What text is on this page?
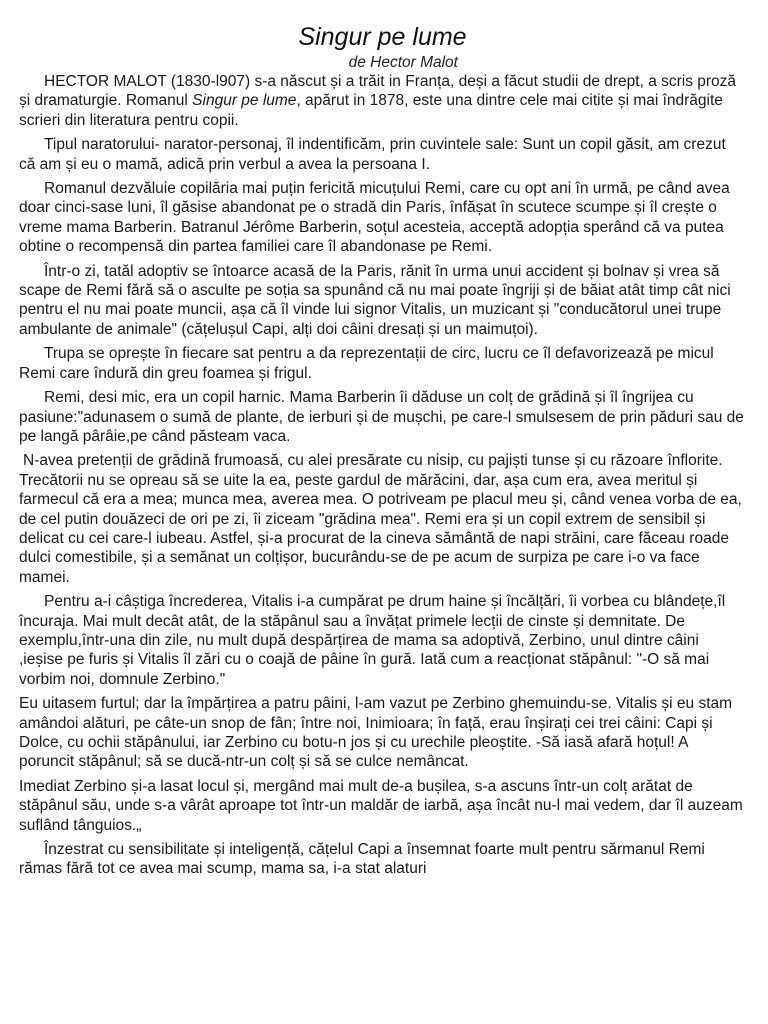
Singur pe lume
de Hector Malot

HECTOR MALOT (1830-l907) s-a născut și a trăit in Franța, deși a făcut studii de drept, a scris proză și dramaturgie. Romanul Singur pe lume, apărut in 1878, este una dintre cele mai citite și mai îndrăgite scrieri din literatura pentru copii.

Tipul naratorului- narator-personaj, îl indentificăm, prin cuvintele sale: Sunt un copil găsit, am crezut că am și eu o mamă, adică prin verbul a avea la persoana I.

Romanul dezvăluie copilăria mai puțin fericită micuțului Remi, care cu opt ani în urmă, pe când avea doar cinci-sase luni, îl găsise abandonat pe o stradă din Paris, înfășat în scutece scumpe și îl crește o vreme mama Barberin. Batranul Jérôme Barberin, soțul acesteia, acceptă adopția sperând că va putea obtine o recompensă din partea familiei care îl abandonase pe Remi.

Într-o zi, tatăl adoptiv se întoarce acasă de la Paris, rănit în urma unui accident și bolnav și vrea să scape de Remi fără să o asculte pe soția sa spunând că nu mai poate îngriji și de băiat atât timp cât nici pentru el nu mai poate muncii, așa că îl vinde lui signor Vitalis, un muzicant și "conducătorul unei trupe ambulante de animale" (cățelușul Capi, alți doi câini dresați și un maimuțoi).

Trupa se oprește în fiecare sat pentru a da reprezentații de circ, lucru ce îl defavorizează pe micul Remi care îndură din greu foamea și frigul.

Remi, desi mic, era un copil harnic. Mama Barberin îi dăduse un colț de grădină și îl îngrijea cu pasiune:"adunasem o sumă de plante, de ierburi și de mușchi, pe care-l smulsesem de prin păduri sau de pe langă pârâie,pe când păsteam vaca.

N-avea pretenții de grădină frumoasă, cu alei presărate cu nisip, cu pajiști tunse și cu răzoare înflorite. Trecătorii nu se opreau să se uite la ea, peste gardul de mărăcini, dar, așa cum era, avea meritul și farmecul că era a mea; munca mea, averea mea. O potriveam pe placul meu și, când venea vorba de ea, de cel putin douăzeci de ori pe zi, îi ziceam "grădina mea". Remi era și un copil extrem de sensibil și delicat cu cei care-l iubeau. Astfel, și-a procurat de la cineva sământă de napi străini, care făceau roade dulci comestibile, și a semănat un colțișor, bucurându-se de pe acum de surpiza pe care i-o va face mamei.

Pentru a-i câștiga încrederea, Vitalis i-a cumpărat pe drum haine și încălțări, îi vorbea cu blândețe,îl încuraja. Mai mult decât atât, de la stăpânul sau a învățat primele lecții de cinste și demnitate. De exemplu,într-una din zile, nu mult după despărțirea de mama sa adoptivă, Zerbino, unul dintre câini ,ieșise pe furis și Vitalis îl zări cu o coajă de pâine în gură. Iată cum a reacționat stăpânul: "-O să mai vorbim noi, domnule Zerbino."

Eu uitasem furtul; dar la împărțirea a patru pâini, l-am vazut pe Zerbino ghemuindu-se. Vitalis și eu stam amândoi alături, pe câte-un snop de fân; între noi, Inimioara; în față, erau înșirați cei trei câini: Capi și Dolce, cu ochii stăpânului, iar Zerbino cu botu-n jos și cu urechile pleoștite. -Să iasă afară hoțul! A poruncit stăpânul; să se ducă-ntr-un colț și să se culce nemâncat.

Imediat Zerbino și-a lasat locul și, mergând mai mult de-a bușilea, s-a ascuns într-un colț arătat de stăpânul său, unde s-a vârât aproape tot într-un maldăr de iarbă, așa încât nu-l mai vedem, dar îl auzeam suflând tânguios.„

Înzestrat cu sensibilitate și inteligență, cățelul Capi a însemnat foarte mult pentru sărmanul Remi rămas fără tot ce avea mai scump, mama sa, i-a stat alaturi
